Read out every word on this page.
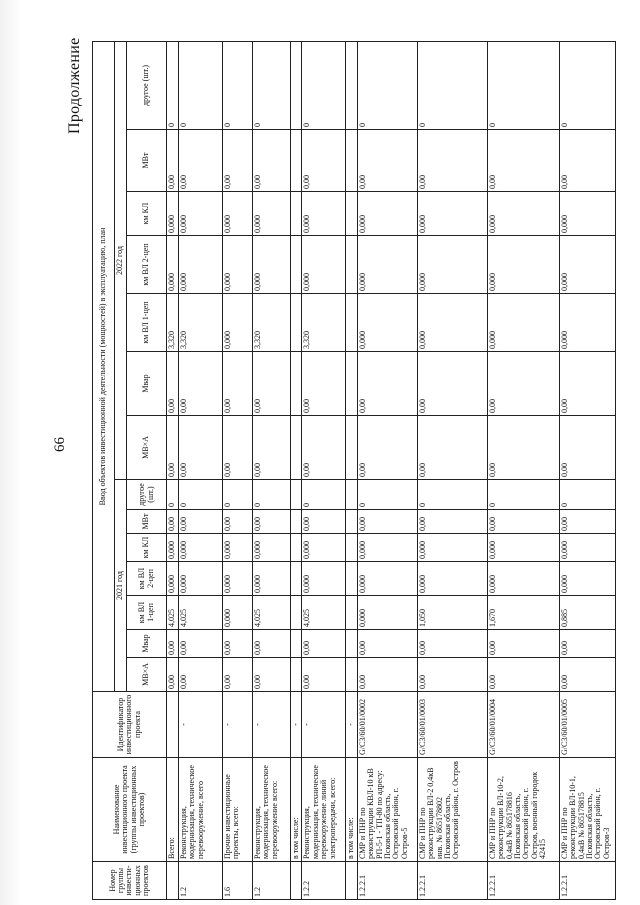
66
Продолжение
Номер группы инвести-ционных проектов	Наименование инвестиционного проекта (группы инвестиционных проектов)	Идентификатор инвестиционного проекта	Ввод объектов инвестиционной деятельности (мощностей) в эксплуатацию, план													
			2021 год							2022 год						
			МВ×А	Мвар	км ВЛ 1-цеп	км ВЛ 2-цеп	км КЛ	МВт	другое (шт.)	МВ×А	Мвар	км ВЛ 1-цеп	км ВЛ 2-цеп	км КЛ	МВт	другое (шт.)
	Всего:		0,00	0,00	4,025	0,000	0,000	0,00	0	0,00	0,00	3,320	0,000	0,000	0,00	0
1.2	Реконструкция, модернизация, техническое перевооружение, всего	-	0,00	0,00	4,025	0,000	0,000	0,00	0	0,00	0,00	3,320	0,000	0,000	0,00	0
1.6	Прочие инвестиционные проекты, всего:	-	0,00	0,00	0,000	0,000	0,000	0,00	0	0,00	0,00	0,000	0,000	0,000	0,00	0
1.2	Реконструкция, модернизация, техническое перевооружение всего:	-	0,00	0,00	4,025	0,000	0,000	0,00	0	0,00	0,00	3,320	0,000	0,000	0,00	0
	в том числе:	-														
1.2.2	Реконструкция, модернизация, техническое перевооружение линий электропередачи, всего:	-	0,00	0,00	4,025	0,000	0,000	0,00	0	0,00	0,00	3,320	0,000	0,000	0,00	0
	в том числе:	-														
1.2.2.1	СМР и ПНР по реконструкции КВЛ-10 кВ РП-5-1 - ТП-80 по адресу: Псковская область, Островский район, г. Остров-5	G/C3/60/01/0002	0,00	0,00	0,000	0,000	0,000	0,00	0	0,00	0,00	0,000	0,000	0,000	0,00	0
1.2.2.1	СМР и ПНР по реконструкции ВЛ-2 0,4кВ инв. № 865178802 Псковская область, Островский район, г. Остров	G/C3/60/01/0003	0,00	0,00	1,050	0,000	0,000	0,00	0	0,00	0,00	0,000	0,000	0,000	0,00	0
1.2.2.1	СМР и ПНР по реконструкции ВЛ-10-2, 0,4кВ № 865178816 Псковская область, Островский район, г. Остров, военный городок 42415	G/C3/60/01/0004	0,00	0,00	1,670	0,000	0,000	0,00	0	0,00	0,00	0,000	0,000	0,000	0,00	0
1.2.2.1	СМР и ПНР по реконструкции ВЛ-10-1, 0,4кВ № 865178815 Псковская область, Островский район, г. Остров-3	G/C3/60/01/0005	0,00	0,00	0,885	0,000	0,000	0,00	0	0,00	0,00	0,000	0,000	0,000	0,00	0
